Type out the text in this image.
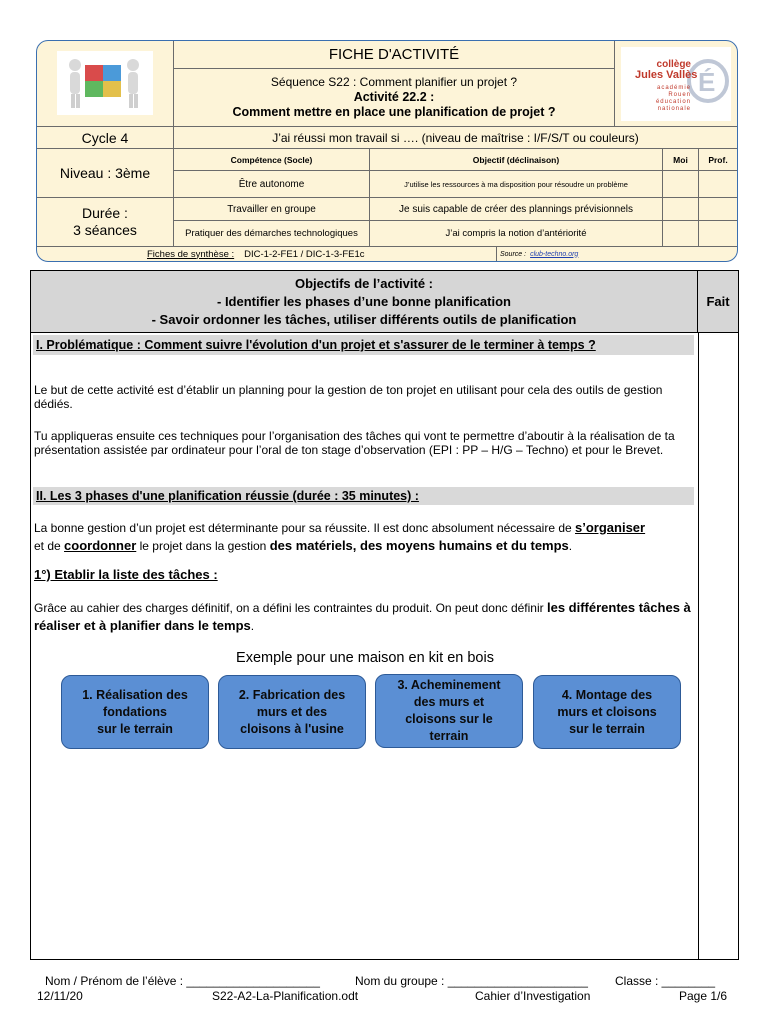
FICHE D'ACTIVITÉ
Séquence S22 : Comment planifier un projet ?
Activité 22.2 :
Comment mettre en place une planification de projet ?
É
collège
Jules Vallès
académie
Rouen
éducation
nationale
Cycle 4	J’ai réussi mon travail si …. (niveau de maîtrise : I/F/S/T ou couleurs)
Niveau : 3ème
Durée :
3 séances
Compétence (Socle)	Objectif (déclinaison)	Moi	Prof.
Être autonome	J’utilise les ressources à ma disposition pour résoudre un problème
Travailler en groupe	Je suis capable de créer des plannings prévisionnels
Pratiquer des démarches technologiques	J’ai compris la notion d’antériorité
Fiches de synthèse : DIC-1-2-FE1 / DIC-1-3-FE1c	Source : club-techno.org
Objectifs de l’activité :
- Identifier les phases d’une bonne planification
- Savoir ordonner les tâches, utiliser différents outils de planification
Fait
I. Problématique : Comment suivre l'évolution d'un projet et s'assurer de le terminer à temps ?
Le but de cette activité est d’établir un planning pour la gestion de ton projet en utilisant pour cela des outils de gestion dédiés.
Tu appliqueras ensuite ces techniques pour l’organisation des tâches qui vont te permettre d’aboutir à la réalisation de ta présentation assistée par ordinateur pour l’oral de ton stage d’observation (EPI : PP – H/G – Techno) et pour le Brevet.
II. Les 3 phases d'une planification réussie (durée : 35 minutes) :
La bonne gestion d’un projet est déterminante pour sa réussite. Il est donc absolument nécessaire de s’organiser
et de coordonner le projet dans la gestion des matériels, des moyens humains et du temps.
1°) Etablir la liste des tâches :
Grâce au cahier des charges définitif, on a défini les contraintes du produit. On peut donc définir les différentes tâches à réaliser et à planifier dans le temps.
Exemple pour une maison en kit en bois
1. Réalisation des
fondations
sur le terrain
2. Fabrication des
murs et des
cloisons à l'usine
3. Acheminement
des murs et
cloisons sur le
terrain
4. Montage des
murs et cloisons
sur le terrain
Nom / Prénom de l’élève : ____________________	Nom du groupe : _____________________ Classe : ________
12/11/20	S22-A2-La-Planification.odt	Cahier d’Investigation	Page 1/6
